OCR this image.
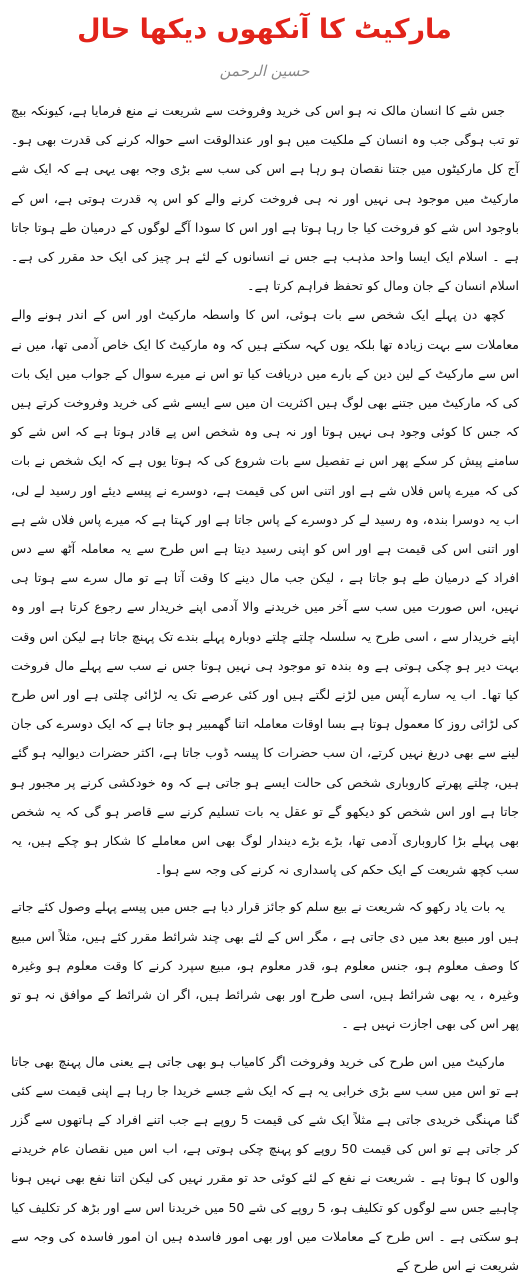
مارکیٹ کا آنکھوں دیکھا حال
حسین الرحمن

جس شے کا انسان مالک نہ ہو اس کی خرید وفروخت سے شریعت نے منع فرمایا ہے، کیونکہ بیچ تو تب ہوگی جب وہ انسان کے ملکیت میں ہو اور عندالوقت اسے حوالہ کرنے کی قدرت بھی ہو۔ آج کل مارکیٹوں میں جتنا نقصان ہو رہا ہے اس کی سب سے بڑی وجہ بھی یہی ہے کہ ایک شے مارکیٹ میں موجود ہی نہیں اور نہ ہی فروخت کرنے والے کو اس پہ قدرت ہوتی ہے، اس کے باوجود اس شے کو فروخت کیا جا رہا ہوتا ہے اور اس کا سودا آگے لوگوں کے درمیان طے ہوتا جاتا ہے ۔ اسلام ایک ایسا واحد مذہب ہے جس نے انسانوں کے لئے ہر چیز کی ایک حد مقرر کی ہے۔ اسلام انسان کے جان ومال کو تحفظ فراہم کرتا ہے۔

کچھ دن پہلے ایک شخص سے بات ہوئی، اس کا واسطہ مارکیٹ اور اس کے اندر ہونے والے معاملات سے بہت زیادہ تھا بلکہ یوں کہہ سکتے ہیں کہ وہ مارکیٹ کا ایک خاص آدمی تھا، میں نے اس سے مارکیٹ کے لین دین کے بارے میں دریافت کیا تو اس نے میرے سوال کے جواب میں ایک بات کی کہ مارکیٹ میں جتنے بھی لوگ ہیں اکثریت ان میں سے ایسے شے کی خرید وفروخت کرتے ہیں کہ جس کا کوئی وجود ہی نہیں ہوتا اور نہ ہی وہ شخص اس پے قادر ہوتا ہے کہ اس شے کو سامنے پیش کر سکے پھر اس نے تفصیل سے بات شروع کی کہ ہوتا یوں ہے کہ ایک شخص نے بات کی کہ میرے پاس فلاں شے ہے اور اتنی اس کی قیمت ہے، دوسرے نے پیسے دیئے اور رسید لے لی، اب یہ دوسرا بندہ، وہ رسید لے کر دوسرے کے پاس جاتا ہے اور کہتا ہے کہ میرے پاس فلاں شے ہے اور اتنی اس کی قیمت ہے اور اس کو اپنی رسید دیتا ہے اس طرح سے یہ معاملہ آٹھ سے دس افراد کے درمیان طے ہو جاتا ہے ، لیکن جب مال دینے کا وقت آتا ہے تو مال سرے سے ہوتا ہی نہیں، اس صورت میں سب سے آخر میں خریدنے والا آدمی اپنے خریدار سے رجوع کرتا ہے اور وہ اپنے خریدار سے ، اسی طرح یہ سلسلہ چلتے چلتے دوبارہ پہلے بندے تک پہنچ جاتا ہے لیکن اس وقت بہت دیر ہو چکی ہوتی ہے وہ بندہ تو موجود ہی نہیں ہوتا جس نے سب سے پہلے مال فروخت کیا تھا۔ اب یہ سارے آپس میں لڑنے لگتے ہیں اور کئی عرصے تک یہ لڑائی چلتی ہے اور اس طرح کی لڑائی روز کا معمول ہوتا ہے بسا اوقات معاملہ اتنا گھمبیر ہو جاتا ہے کہ ایک دوسرے کی جان لینے سے بھی دریغ نہیں کرتے، ان سب حضرات کا پیسہ ڈوب جاتا ہے، اکثر حضرات دیوالیہ ہو گئے ہیں، چلتے پھرتے کاروباری شخص کی حالت ایسے ہو جاتی ہے کہ وہ خودکشی کرنے پر مجبور ہو جاتا ہے اور اس شخص کو دیکھو گے تو عقل یہ بات تسلیم کرنے سے قاصر ہو گی کہ یہ شخص بھی پہلے بڑا کاروباری آدمی تھا، بڑے بڑے دیندار لوگ بھی اس معاملے کا شکار ہو چکے ہیں، یہ سب کچھ شریعت کے ایک حکم کی پاسداری نہ کرنے کی وجہ سے ہوا۔

یہ بات یاد رکھو کہ شریعت نے بیع سلم کو جائز قرار دیا ہے جس میں پیسے پہلے وصول کئے جاتے ہیں اور مبیع بعد میں دی جاتی ہے ، مگر اس کے لئے بھی چند شرائط مقرر کئے ہیں، مثلاً اس مبیع کا وصف معلوم ہو، جنس معلوم ہو، قدر معلوم ہو، مبیع سپرد کرنے کا وقت معلوم ہو وغیرہ وغیرہ ، یہ بھی شرائط ہیں، اسی طرح اور بھی شرائط ہیں، اگر ان شرائط کے موافق نہ ہو تو پھر اس کی بھی اجازت نہیں ہے ۔

مارکیٹ میں اس طرح کی خرید وفروخت اگر کامیاب ہو بھی جاتی ہے یعنی مال پہنچ بھی جاتا ہے تو اس میں سب سے بڑی خرابی یہ ہے کہ ایک شے جسے خریدا جا رہا ہے اپنی قیمت سے کئی گنا مہنگی خریدی جاتی ہے مثلاً ایک شے کی قیمت 5 روپے ہے جب اتنے افراد کے ہاتھوں سے گزر کر جاتی ہے تو اس کی قیمت 50 روپے کو پہنچ چکی ہوتی ہے، اب اس میں نقصان عام خریدنے والوں کا ہوتا ہے ۔ شریعت نے نفع کے لئے کوئی حد تو مقرر نہیں کی لیکن اتنا نفع بھی نہیں ہونا چاہیے جس سے لوگوں کو تکلیف ہو، 5 روپے کی شے 50 میں خریدنا اس سے اور بڑھ کر تکلیف کیا ہو سکتی ہے ۔ اس طرح کے معاملات میں اور بھی امور فاسدہ ہیں ان امور فاسدہ کی وجہ سے شریعت نے اس طرح کے
